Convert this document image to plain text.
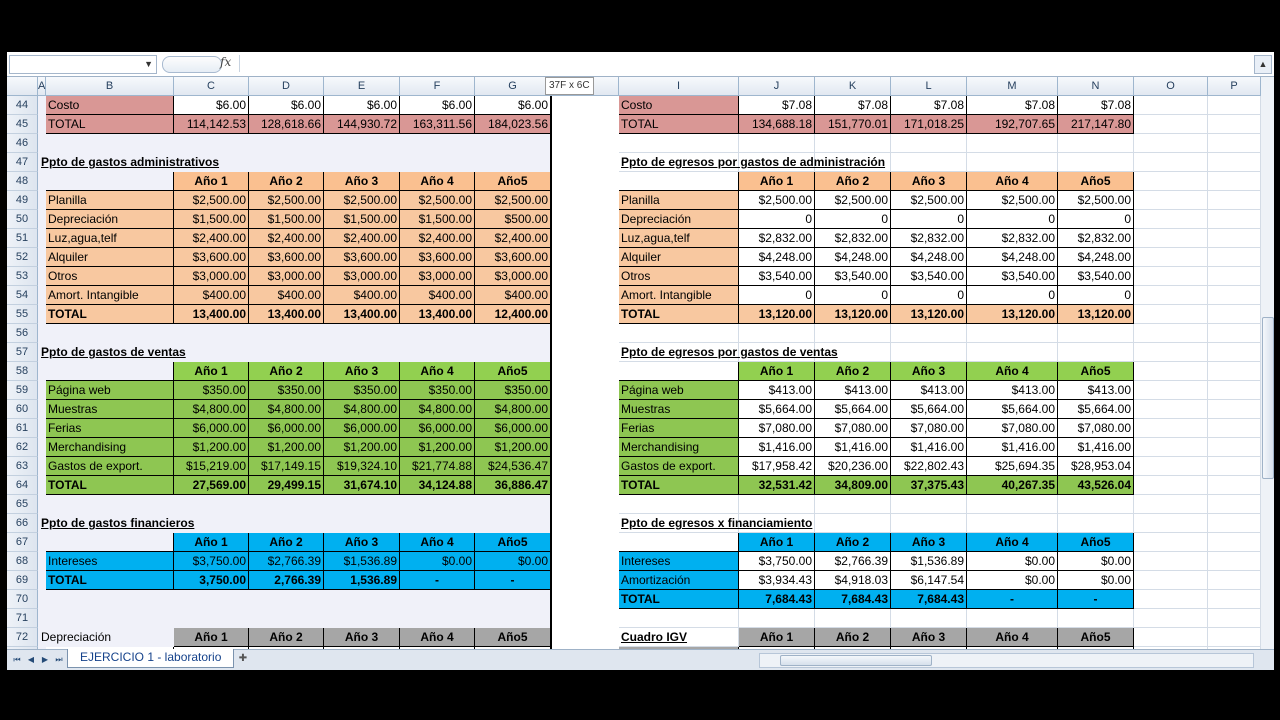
▼	fx	▲
A	B	C	D	E	F	G	I	J	K	L	M	N	O	P
37F x 6C
44
45
46
47
48
49
50
51
52
53
54
55
56
57
58
59
60
61
62
63
64
65
66
67
68
69
70
71
72
Costo	$6.00	$6.00	$6.00	$6.00	$6.00
TOTAL	114,142.53	128,618.66	144,930.72	163,311.56	184,023.56
Costo	$7.08	$7.08	$7.08	$7.08	$7.08
TOTAL	134,688.18	151,770.01	171,018.25	192,707.65	217,147.80
Ppto de gastos administrativos	Ppto de egresos por gastos de administración
Ppto de gastos de ventas	Ppto de egresos por gastos de ventas
Ppto de gastos financieros	Ppto de egresos x financiamiento
Cuadro IGV
Año 1	Año 2	Año 3	Año 4	Año5
Planilla	$2,500.00	$2,500.00	$2,500.00	$2,500.00	$2,500.00
Depreciación	$1,500.00	$1,500.00	$1,500.00	$1,500.00	$500.00
Luz,agua,telf	$2,400.00	$2,400.00	$2,400.00	$2,400.00	$2,400.00
Alquiler	$3,600.00	$3,600.00	$3,600.00	$3,600.00	$3,600.00
Otros	$3,000.00	$3,000.00	$3,000.00	$3,000.00	$3,000.00
Amort. Intangible	$400.00	$400.00	$400.00	$400.00	$400.00
TOTAL	13,400.00	13,400.00	13,400.00	13,400.00	12,400.00
Año 1	Año 2	Año 3	Año 4	Año5
Planilla	$2,500.00	$2,500.00	$2,500.00	$2,500.00	$2,500.00
Depreciación	0	0	0	0	0
Luz,agua,telf	$2,832.00	$2,832.00	$2,832.00	$2,832.00	$2,832.00
Alquiler	$4,248.00	$4,248.00	$4,248.00	$4,248.00	$4,248.00
Otros	$3,540.00	$3,540.00	$3,540.00	$3,540.00	$3,540.00
Amort. Intangible	0	0	0	0	0
TOTAL	13,120.00	13,120.00	13,120.00	13,120.00	13,120.00
Año 1	Año 2	Año 3	Año 4	Año5
Página web	$350.00	$350.00	$350.00	$350.00	$350.00
Muestras	$4,800.00	$4,800.00	$4,800.00	$4,800.00	$4,800.00
Ferias	$6,000.00	$6,000.00	$6,000.00	$6,000.00	$6,000.00
Merchandising	$1,200.00	$1,200.00	$1,200.00	$1,200.00	$1,200.00
Gastos de export.	$15,219.00	$17,149.15	$19,324.10	$21,774.88	$24,536.47
TOTAL	27,569.00	29,499.15	31,674.10	34,124.88	36,886.47
Año 1	Año 2	Año 3	Año 4	Año5
Página web	$413.00	$413.00	$413.00	$413.00	$413.00
Muestras	$5,664.00	$5,664.00	$5,664.00	$5,664.00	$5,664.00
Ferias	$7,080.00	$7,080.00	$7,080.00	$7,080.00	$7,080.00
Merchandising	$1,416.00	$1,416.00	$1,416.00	$1,416.00	$1,416.00
Gastos de export.	$17,958.42	$20,236.00	$22,802.43	$25,694.35	$28,953.04
TOTAL	32,531.42	34,809.00	37,375.43	40,267.35	43,526.04
Año 1	Año 2	Año 3	Año 4	Año5
Intereses	$3,750.00	$2,766.39	$1,536.89	$0.00	$0.00
TOTAL	3,750.00	2,766.39	1,536.89	-	-
Año 1	Año 2	Año 3	Año 4	Año5
Intereses	$3,750.00	$2,766.39	$1,536.89	$0.00	$0.00
Amortización	$3,934.43	$4,918.03	$6,147.54	$0.00	$0.00
TOTAL	7,684.43	7,684.43	7,684.43	-	-
Depreciación	Año 1	Año 2	Año 3	Año 4	Año5	Año 1	Año 2	Año 3	Año 4	Año5
⏮ ◀ ▶ ⏭	EJERCICIO 1 - laboratorio	✚
